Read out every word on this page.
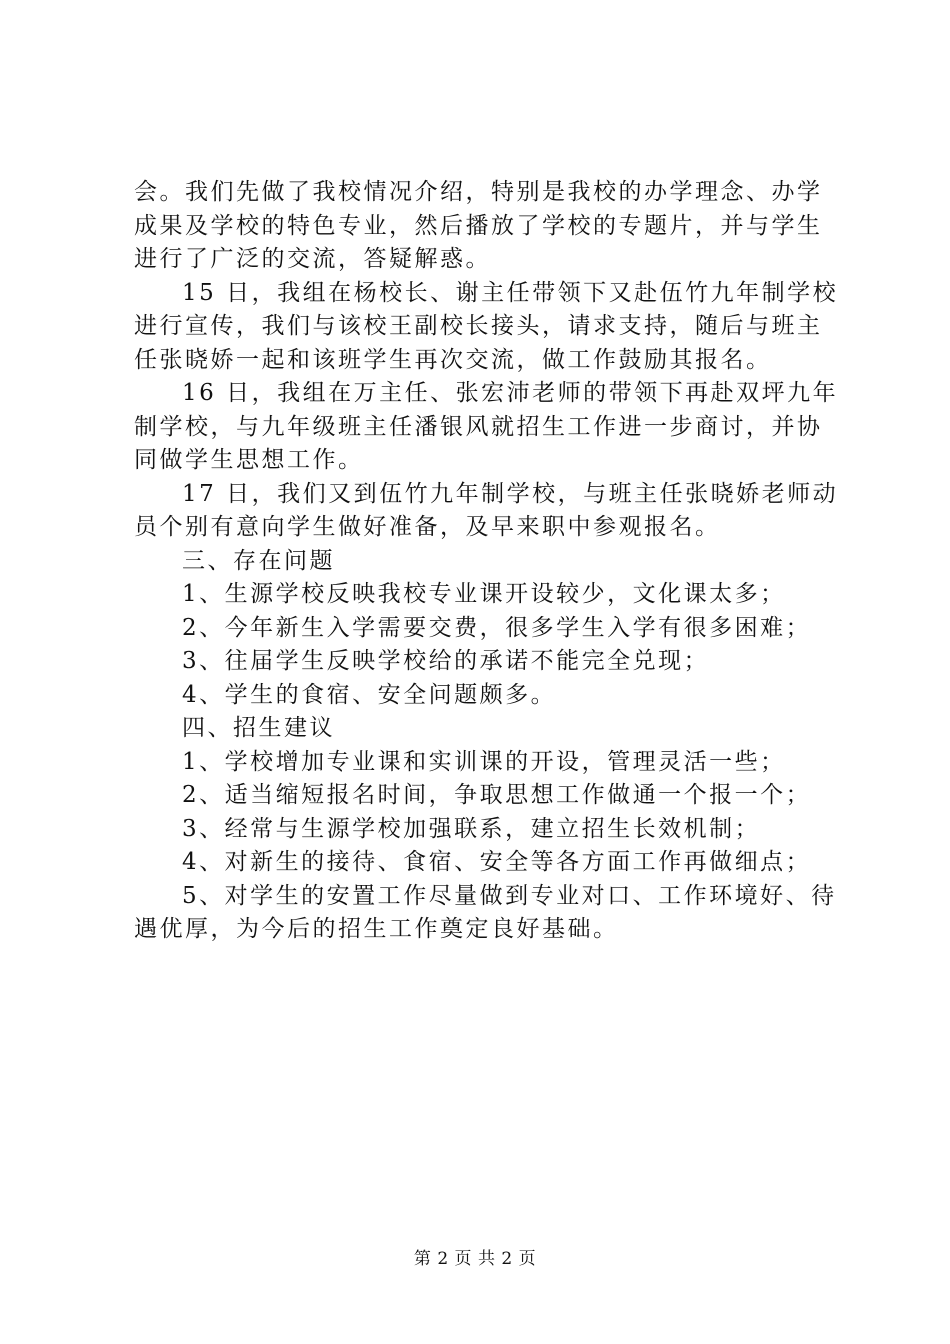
会。我们先做了我校情况介绍，特别是我校的办学理念、办学
成果及学校的特色专业，然后播放了学校的专题片，并与学生
进行了广泛的交流，答疑解惑。
15 日，我组在杨校长、谢主任带领下又赴伍竹九年制学校
进行宣传，我们与该校王副校长接头，请求支持，随后与班主
任张晓娇一起和该班学生再次交流，做工作鼓励其报名。
16 日，我组在万主任、张宏沛老师的带领下再赴双坪九年
制学校，与九年级班主任潘银风就招生工作进一步商讨，并协
同做学生思想工作。
17 日，我们又到伍竹九年制学校，与班主任张晓娇老师动
员个别有意向学生做好准备，及早来职中参观报名。
三、存在问题
1、生源学校反映我校专业课开设较少，文化课太多；
2、今年新生入学需要交费，很多学生入学有很多困难；
3、往届学生反映学校给的承诺不能完全兑现；
4、学生的食宿、安全问题颇多。
四、招生建议
1、学校增加专业课和实训课的开设，管理灵活一些；
2、适当缩短报名时间，争取思想工作做通一个报一个；
3、经常与生源学校加强联系，建立招生长效机制；
4、对新生的接待、食宿、安全等各方面工作再做细点；
5、对学生的安置工作尽量做到专业对口、工作环境好、待
遇优厚，为今后的招生工作奠定良好基础。
第 2 页 共 2 页
